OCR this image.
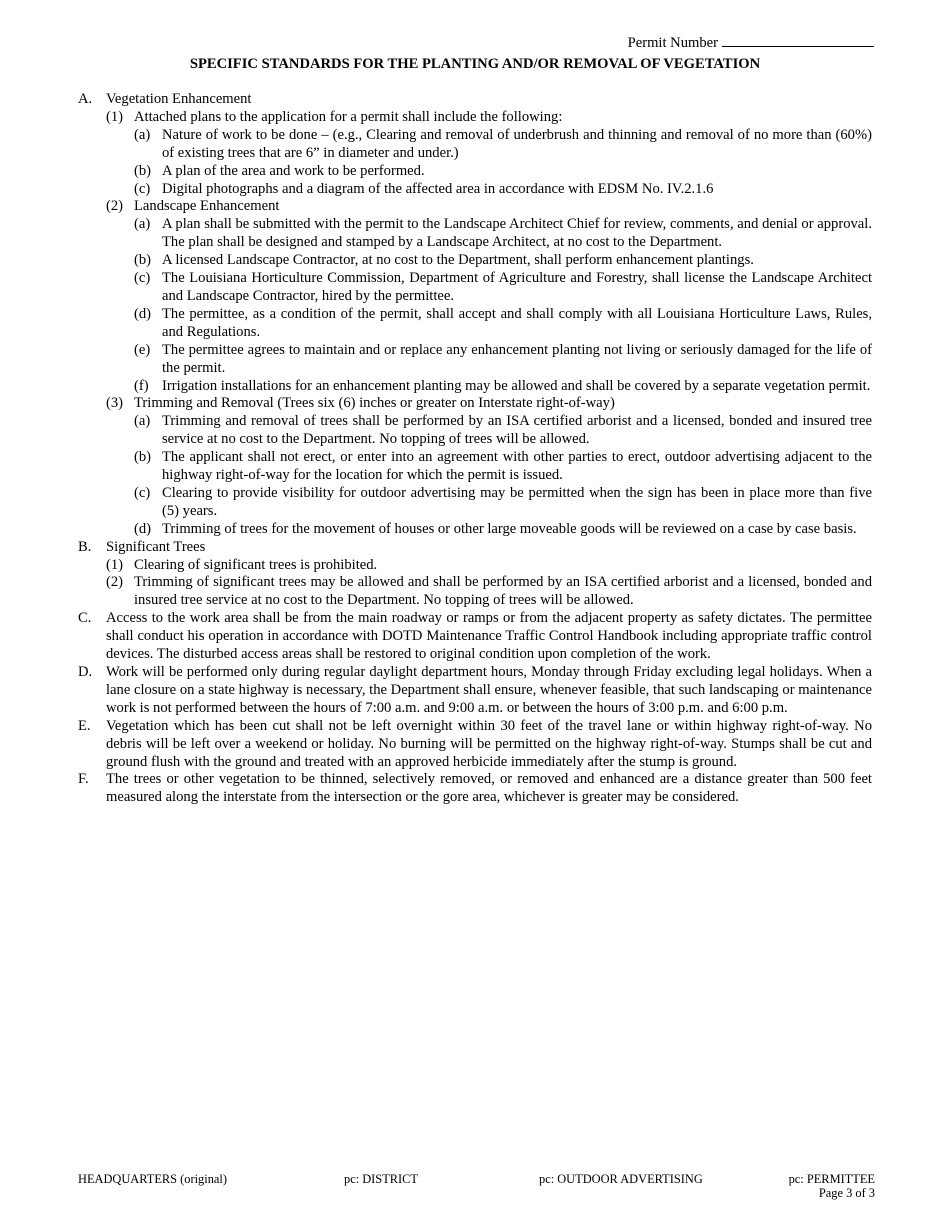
Permit Number
SPECIFIC STANDARDS FOR THE PLANTING AND/OR REMOVAL OF VEGETATION
A. Vegetation Enhancement
(1) Attached plans to the application for a permit shall include the following:
(a) Nature of work to be done – (e.g., Clearing and removal of underbrush and thinning and removal of no more than (60%) of existing trees that are 6” in diameter and under.)
(b) A plan of the area and work to be performed.
(c) Digital photographs and a diagram of the affected area in accordance with EDSM No. IV.2.1.6
(2) Landscape Enhancement
(a) A plan shall be submitted with the permit to the Landscape Architect Chief for review, comments, and denial or approval. The plan shall be designed and stamped by a Landscape Architect, at no cost to the Department.
(b) A licensed Landscape Contractor, at no cost to the Department, shall perform enhancement plantings.
(c) The Louisiana Horticulture Commission, Department of Agriculture and Forestry, shall license the Landscape Architect and Landscape Contractor, hired by the permittee.
(d) The permittee, as a condition of the permit, shall accept and shall comply with all Louisiana Horticulture Laws, Rules, and Regulations.
(e) The permittee agrees to maintain and or replace any enhancement planting not living or seriously damaged for the life of the permit.
(f) Irrigation installations for an enhancement planting may be allowed and shall be covered by a separate vegetation permit.
(3) Trimming and Removal (Trees six (6) inches or greater on Interstate right-of-way)
(a) Trimming and removal of trees shall be performed by an ISA certified arborist and a licensed, bonded and insured tree service at no cost to the Department. No topping of trees will be allowed.
(b) The applicant shall not erect, or enter into an agreement with other parties to erect, outdoor advertising adjacent to the highway right-of-way for the location for which the permit is issued.
(c) Clearing to provide visibility for outdoor advertising may be permitted when the sign has been in place more than five (5) years.
(d) Trimming of trees for the movement of houses or other large moveable goods will be reviewed on a case by case basis.
B.	Significant Trees
(1) Clearing of significant trees is prohibited.
(2) Trimming of significant trees may be allowed and shall be performed by an ISA certified arborist and a licensed, bonded and insured tree service at no cost to the Department. No topping of trees will be allowed.
C.	Access to the work area shall be from the main roadway or ramps or from the adjacent property as safety dictates. The permittee shall conduct his operation in accordance with DOTD Maintenance Traffic Control Handbook including appropriate traffic control devices. The disturbed access areas shall be restored to original condition upon completion of the work.
D. Work will be performed only during regular daylight department hours, Monday through Friday excluding legal holidays. When a lane closure on a state highway is necessary, the Department shall ensure, whenever feasible, that such landscaping or maintenance work is not performed between the hours of 7:00 a.m. and 9:00 a.m. or between the hours of 3:00 p.m. and 6:00 p.m.
E.	Vegetation which has been cut shall not be left overnight within 30 feet of the travel lane or within highway right-of-way. No debris will be left over a weekend or holiday. No burning will be permitted on the highway right-of-way. Stumps shall be cut and ground flush with the ground and treated with an approved herbicide immediately after the stump is ground.
F.	The trees or other vegetation to be thinned, selectively removed, or removed and enhanced are a distance greater than 500 feet measured along the interstate from the intersection or the gore area, whichever is greater may be considered.
HEADQUARTERS (original)	pc: DISTRICT	pc: OUTDOOR ADVERTISING	pc: PERMITTEE
Page 3 of 3
